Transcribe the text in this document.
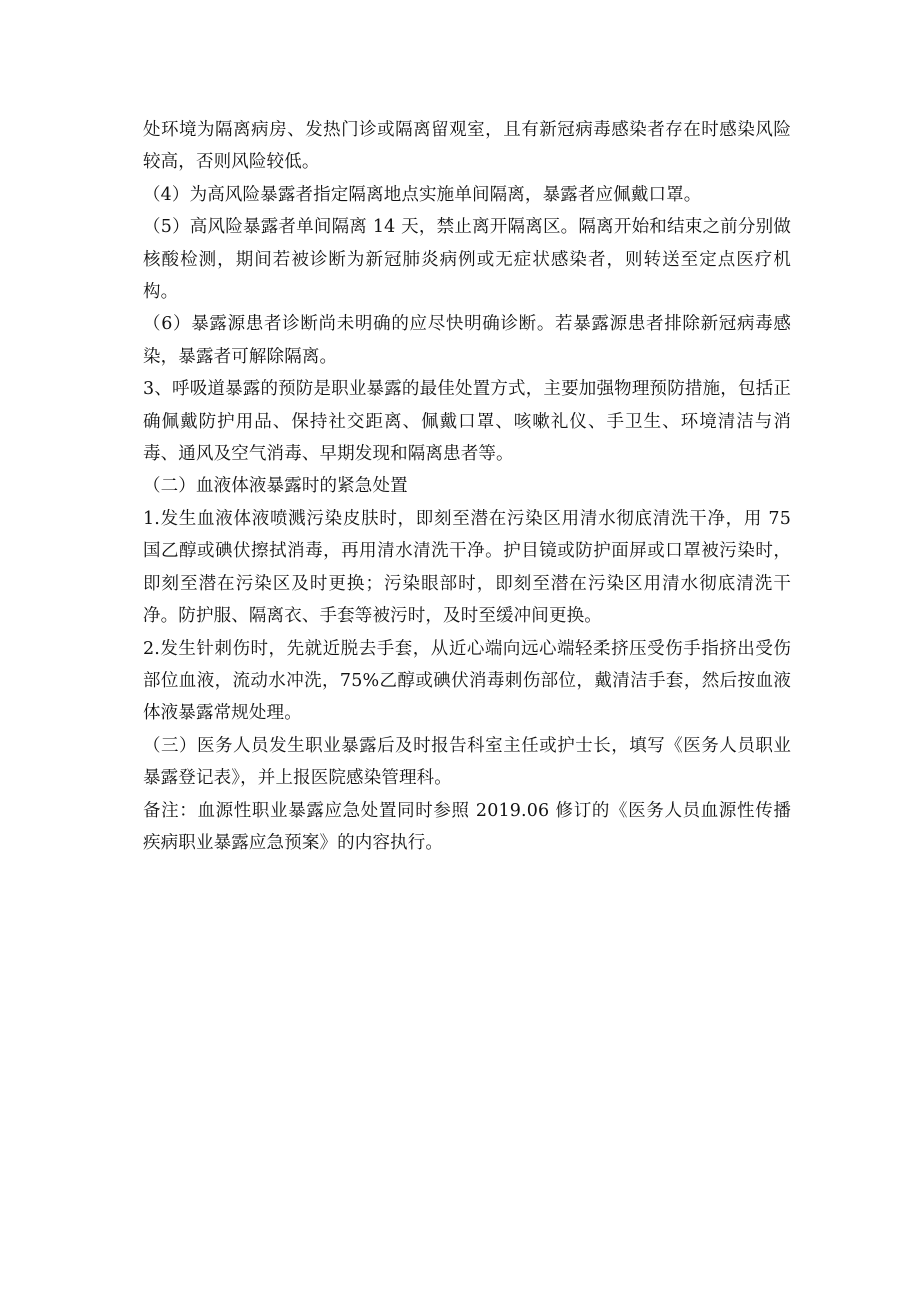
处环境为隔离病房、发热门诊或隔离留观室，且有新冠病毒感染者存在时感染风险较高，否则风险较低。

（4）为高风险暴露者指定隔离地点实施单间隔离，暴露者应佩戴口罩。

（5）高风险暴露者单间隔离 14 天，禁止离开隔离区。隔离开始和结束之前分别做核酸检测，期间若被诊断为新冠肺炎病例或无症状感染者，则转送至定点医疗机构。

（6）暴露源患者诊断尚未明确的应尽快明确诊断。若暴露源患者排除新冠病毒感染，暴露者可解除隔离。

3、呼吸道暴露的预防是职业暴露的最佳处置方式，主要加强物理预防措施，包括正确佩戴防护用品、保持社交距离、佩戴口罩、咳嗽礼仪、手卫生、环境清洁与消毒、通风及空气消毒、早期发现和隔离患者等。

（二）血液体液暴露时的紧急处置

1.发生血液体液喷溅污染皮肤时，即刻至潜在污染区用清水彻底清洗干净，用 75 国乙醇或碘伏擦拭消毒，再用清水清洗干净。护目镜或防护面屏或口罩被污染时，即刻至潜在污染区及时更换；污染眼部时，即刻至潜在污染区用清水彻底清洗干净。防护服、隔离衣、手套等被污时，及时至缓冲间更换。

2.发生针刺伤时，先就近脱去手套，从近心端向远心端轻柔挤压受伤手指挤出受伤部位血液，流动水冲洗，75%乙醇或碘伏消毒刺伤部位，戴清洁手套，然后按血液体液暴露常规处理。

（三）医务人员发生职业暴露后及时报告科室主任或护士长，填写《医务人员职业暴露登记表》，并上报医院感染管理科。

备注：血源性职业暴露应急处置同时参照 2019.06 修订的《医务人员血源性传播疾病职业暴露应急预案》的内容执行。
